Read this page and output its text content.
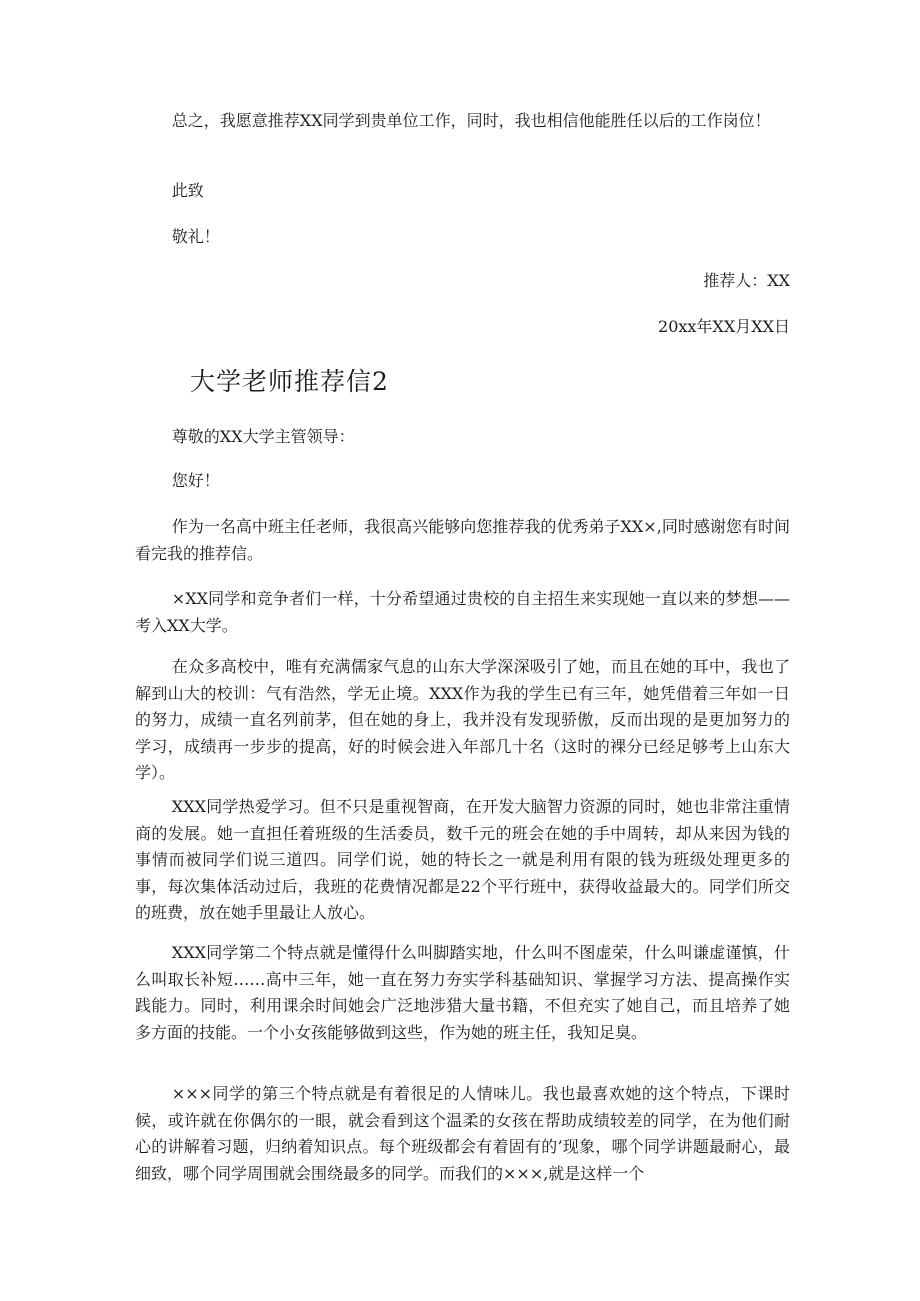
总之，我愿意推荐XX同学到贵单位工作，同时，我也相信他能胜任以后的工作岗位！

此致

敬礼！

推荐人：XX

20xx年XX月XX日

尊敬的XX大学主管领导：

您好！

作为一名高中班主任老师，我很高兴能够向您推荐我的优秀弟子XX×,同时感谢您有时间看完我的推荐信。

×XX同学和竞争者们一样，十分希望通过贵校的自主招生来实现她一直以来的梦想——考入XX大学。

在众多高校中，唯有充满儒家气息的山东大学深深吸引了她，而且在她的耳中，我也了解到山大的校训：气有浩然，学无止境。XXX作为我的学生已有三年，她凭借着三年如一日的努力，成绩一直名列前茅，但在她的身上，我并没有发现骄傲，反而出现的是更加努力的学习，成绩再一步步的提高，好的时候会进入年部几十名（这时的裸分已经足够考上山东大学）。

XXX同学热爱学习。但不只是重视智商，在开发大脑智力资源的同时，她也非常注重情商的发展。她一直担任着班级的生活委员，数千元的班会在她的手中周转，却从来因为钱的事情而被同学们说三道四。同学们说，她的特长之一就是利用有限的钱为班级处理更多的事，每次集体活动过后，我班的花费情况都是22个平行班中，获得收益最大的。同学们所交的班费，放在她手里最让人放心。

XXX同学第二个特点就是懂得什么叫脚踏实地，什么叫不图虚荣，什么叫谦虚谨慎，什么叫取长补短……高中三年，她一直在努力夯实学科基础知识、掌握学习方法、提高操作实践能力。同时，利用课余时间她会广泛地涉猎大量书籍，不但充实了她自己，而且培养了她多方面的技能。一个小女孩能够做到这些，作为她的班主任，我知足臭。

×××同学的第三个特点就是有着很足的人情味儿。我也最喜欢她的这个特点，下课时候，或许就在你偶尔的一眼，就会看到这个温柔的女孩在帮助成绩较差的同学，在为他们耐心的讲解着习题，归纳着知识点。每个班级都会有着固有的’现象，哪个同学讲题最耐心，最细致，哪个同学周围就会围绕最多的同学。而我们的×××,就是这样一个

大学老师推荐信2
